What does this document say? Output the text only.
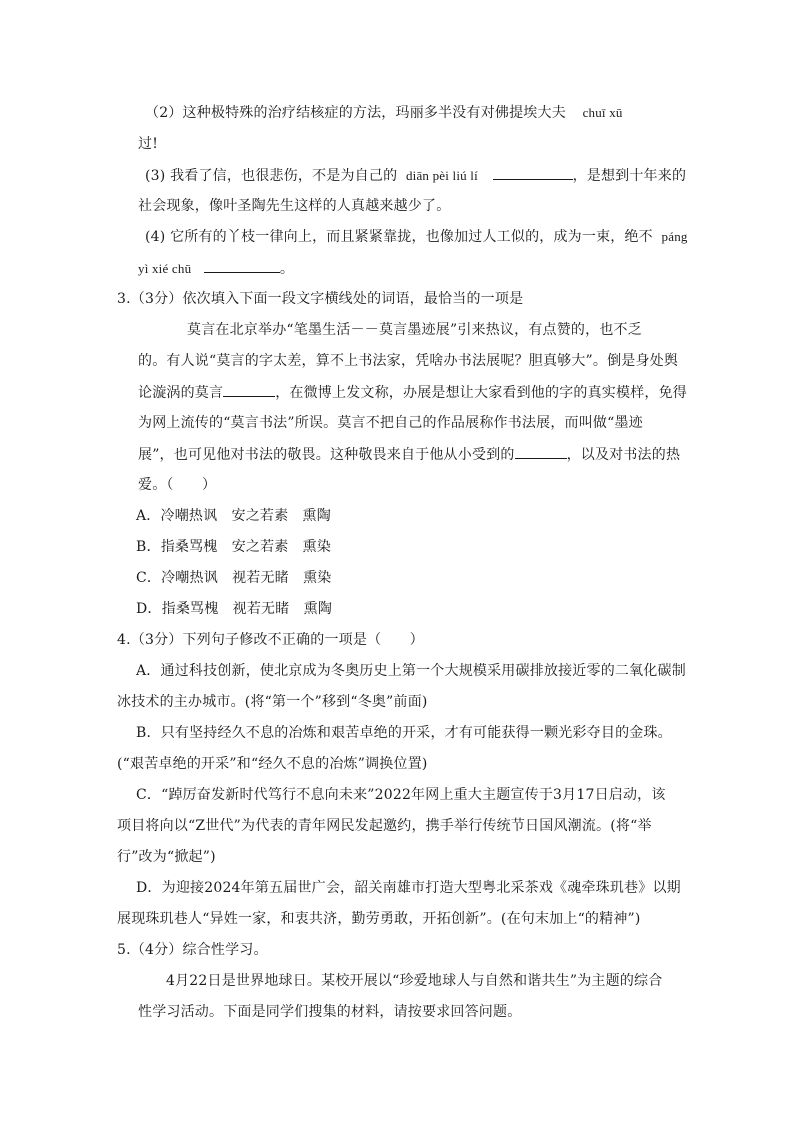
（2）这种极特殊的治疗结核症的方法，玛丽多半没有对佛提埃大夫 chuī xū
过!
(3) 我看了信，也很悲伤，不是为自己的 diān pèi liú lí	，是想到十年来的
社会现象，像叶圣陶先生这样的人真越来越少了。
(4) 它所有的丫枝一律向上，而且紧紧靠拢，也像加过人工似的，成为一束，绝不 páng
yì xié chū	。
3.（3分）依次填入下面一段文字横线处的词语，最恰当的一项是
莫言在北京举办“笔墨生活－－莫言墨迹展”引来热议，有点赞的，也不乏
的。有人说“莫言的字太差，算不上书法家，凭啥办书法展呢？胆真够大”。倒是身处舆
论漩涡的莫言	，在微博上发文称，办展是想让大家看到他的字的真实模样，免得
为网上流传的“莫言书法”所误。莫言不把自己的作品展称作书法展，而叫做“墨迹
展”，也可见他对书法的敬畏。这种敬畏来自于他从小受到的	，以及对书法的热
爱。（　　）
A．冷嘲热讽　安之若素　熏陶
B．指桑骂槐　安之若素　熏染
C．冷嘲热讽　视若无睹　熏染
D．指桑骂槐　视若无睹　熏陶
4.（3分）下列句子修改不正确的一项是（　　）
A．通过科技创新，使北京成为冬奥历史上第一个大规模采用碳排放接近零的二氧化碳制
冰技术的主办城市。(将“第一个”移到“冬奥”前面)
B．只有坚持经久不息的冶炼和艰苦卓绝的开采，才有可能获得一颗光彩夺目的金珠。
(“艰苦卓绝的开采”和“经久不息的冶炼”调换位置)
C．“踔厉奋发新时代笃行不息向未来”2022年网上重大主题宣传于3月17日启动，该
项目将向以“Z世代”为代表的青年网民发起邀约，携手举行传统节日国风潮流。(将“举
行”改为“掀起”)
D．为迎接2024年第五届世广会，韶关南雄市打造大型粤北采茶戏《魂牵珠玑巷》以期
展现珠玑巷人“异姓一家，和衷共济，勤劳勇敢，开拓创新”。(在句末加上“的精神”)
5.（4分）综合性学习。
4月22日是世界地球日。某校开展以“珍爱地球人与自然和谐共生”为主题的综合
性学习活动。下面是同学们搜集的材料，请按要求回答问题。
